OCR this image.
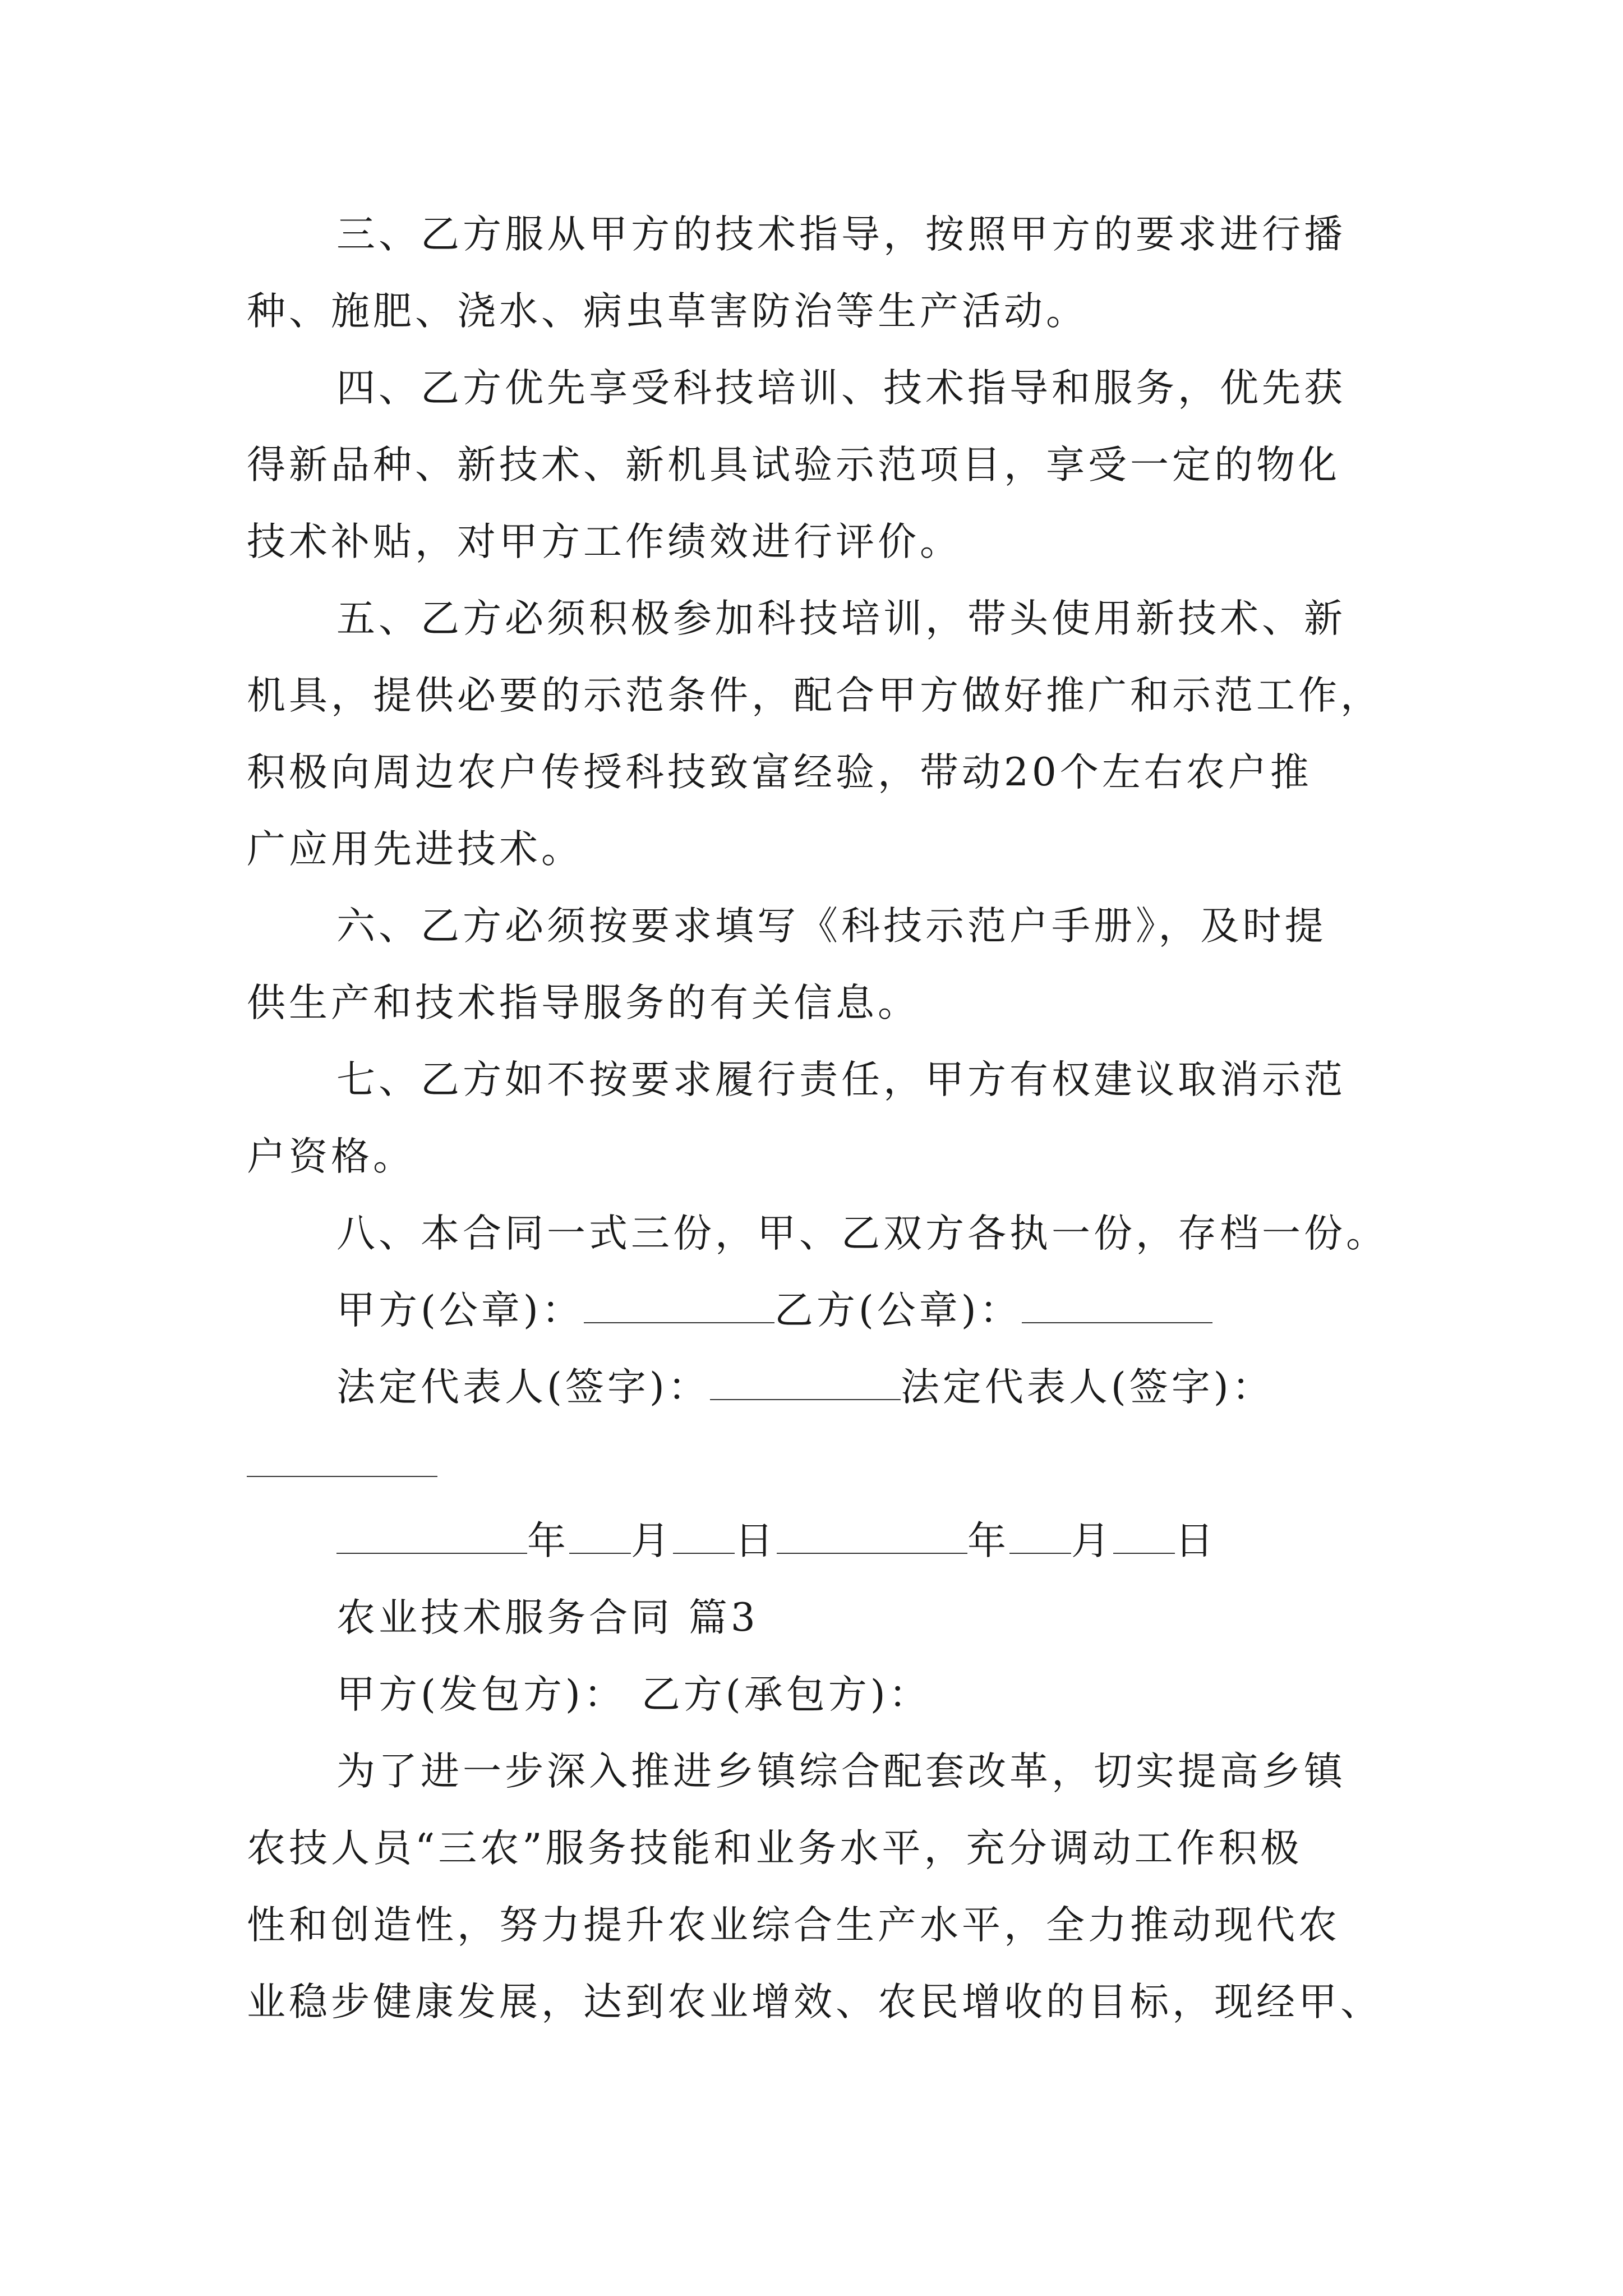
三、乙方服从甲方的技术指导，按照甲方的要求进行播
种、施肥、浇水、病虫草害防治等生产活动。
四、乙方优先享受科技培训、技术指导和服务，优先获
得新品种、新技术、新机具试验示范项目，享受一定的物化
技术补贴，对甲方工作绩效进行评价。
五、乙方必须积极参加科技培训，带头使用新技术、新
机具，提供必要的示范条件，配合甲方做好推广和示范工作，
积极向周边农户传授科技致富经验，带动20个左右农户推
广应用先进技术。
六、乙方必须按要求填写《科技示范户手册》，及时提
供生产和技术指导服务的有关信息。
七、乙方如不按要求履行责任，甲方有权建议取消示范
户资格。
八、本合同一式三份，甲、乙双方各执一份，存档一份。
甲方(公章)：	乙方(公章)：
法定代表人(签字)：	法定代表人(签字)：
年 月 日	年 月 日
农业技术服务合同 篇3
甲方(发包方)： 乙方(承包方)：
为了进一步深入推进乡镇综合配套改革，切实提高乡镇
农技人员“三农”服务技能和业务水平，充分调动工作积极
性和创造性，努力提升农业综合生产水平，全力推动现代农
业稳步健康发展，达到农业增效、农民增收的目标，现经甲、
